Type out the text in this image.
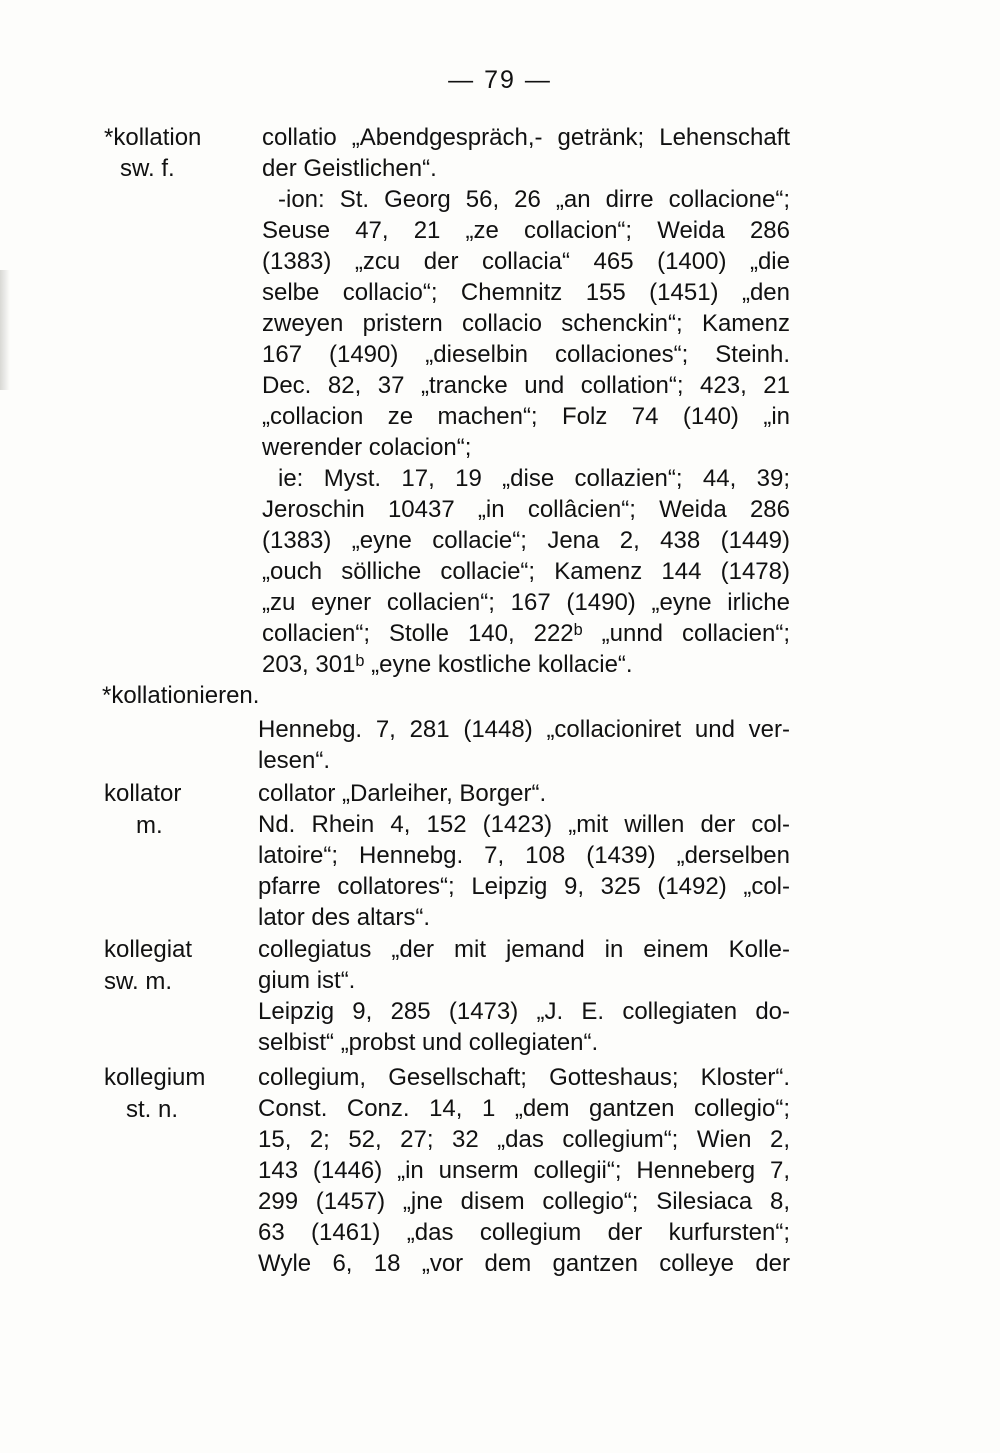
— 79 —
*kollation
sw. f.
collatio „Abendgespräch,- getränk; Lehenschaft
der Geistlichen“.
-ion: St. Georg 56, 26 „an dirre collacione“;
Seuse 47, 21 „ze collacion“; Weida 286
(1383) „zcu der collacia“ 465 (1400) „die
selbe collacio“; Chemnitz 155 (1451) „den
zweyen pristern collacio schenckin“; Kamenz
167 (1490) „dieselbin collaciones“; Steinh.
Dec. 82, 37 „trancke und collation“; 423, 21
„collacion ze machen“; Folz 74 (140) „in
werender colacion“;
ie: Myst. 17, 19 „dise collazien“; 44, 39;
Jeroschin 10437 „in collâcien“; Weida 286
(1383) „eyne collacie“; Jena 2, 438 (1449)
„ouch sölliche collacie“; Kamenz 144 (1478)
„zu eyner collacien“; 167 (1490) „eyne irliche
collacien“; Stolle 140, 222ᵇ „unnd collacien“;
203, 301ᵇ „eyne kostliche kollacie“.
*kollationieren.
Hennebg. 7, 281 (1448) „collacioniret und ver-
lesen“.
kollator
m.
collator „Darleiher, Borger“.
Nd. Rhein 4, 152 (1423) „mit willen der col-
latoire“; Hennebg. 7, 108 (1439) „derselben
pfarre collatores“; Leipzig 9, 325 (1492) „col-
lator des altars“.
kollegiat
sw. m.
collegiatus „der mit jemand in einem Kolle-
gium ist“.
Leipzig 9, 285 (1473) „J. E. collegiaten do-
selbist“ „probst und collegiaten“.
kollegium
st. n.
collegium, Gesellschaft; Gotteshaus; Kloster“.
Const. Conz. 14, 1 „dem gantzen collegio“;
15, 2; 52, 27; 32 „das collegium“; Wien 2,
143 (1446) „in unserm collegii“; Henneberg 7,
299 (1457) „jne disem collegio“; Silesiaca 8,
63 (1461) „das collegium der kurfursten“;
Wyle 6, 18 „vor dem gantzen colleye der
